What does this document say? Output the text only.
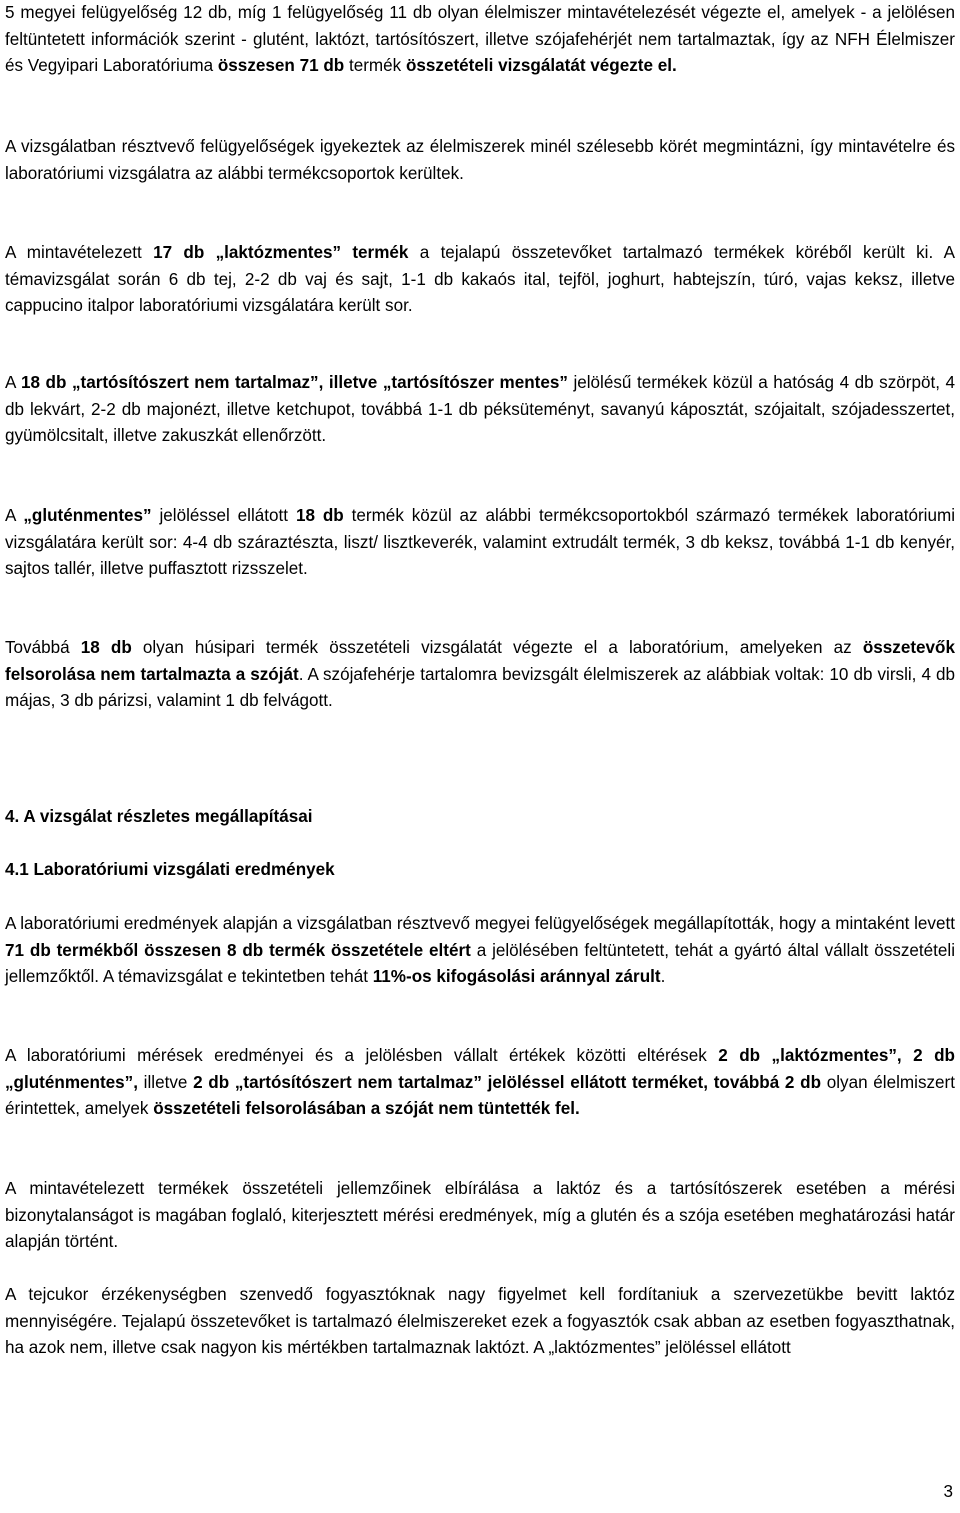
5 megyei felügyelőség 12 db, míg 1 felügyelőség 11 db olyan élelmiszer mintavételezését végezte el, amelyek - a jelölésen feltüntetett információk szerint - glutént, laktózt, tartósítószert, illetve szójafehérjét nem tartalmaztak, így az NFH Élelmiszer és Vegyipari Laboratóriuma összesen 71 db termék összetételi vizsgálatát végezte el.

A vizsgálatban résztvevő felügyelőségek igyekeztek az élelmiszerek minél szélesebb körét megmintázni, így mintavételre és laboratóriumi vizsgálatra az alábbi termékcsoportok kerültek.

A mintavételezett 17 db „laktózmentes” termék a tejalapú összetevőket tartalmazó termékek köréből került ki. A témavizsgálat során 6 db tej, 2-2 db vaj és sajt, 1-1 db kakaós ital, tejföl, joghurt, habtejszín, túró, vajas keksz, illetve cappucino italpor laboratóriumi vizsgálatára került sor.

A 18 db „tartósítószert nem tartalmaz”, illetve „tartósítószer mentes” jelölésű termékek közül a hatóság 4 db szörpöt, 4 db lekvárt, 2-2 db majonézt, illetve ketchupot, továbbá 1-1 db péksüteményt, savanyú káposztát, szójaitalt, szójadesszertet, gyümölcsitalt, illetve zakuszkát ellenőrzött.

A „gluténmentes” jelöléssel ellátott 18 db termék közül az alábbi termékcsoportokból származó termékek laboratóriumi vizsgálatára került sor: 4-4 db száraztészta, liszt/ lisztkeverék, valamint extrudált termék, 3 db keksz, továbbá 1-1 db kenyér, sajtos tallér, illetve puffasztott rizsszelet.

Továbbá 18 db olyan húsipari termék összetételi vizsgálatát végezte el a laboratórium, amelyeken az összetevők felsorolása nem tartalmazta a szóját. A szójafehérje tartalomra bevizsgált élelmiszerek az alábbiak voltak: 10 db virsli, 4 db májas, 3 db párizsi, valamint 1 db felvágott.

4. A vizsgálat részletes megállapításai
4.1 Laboratóriumi vizsgálati eredmények

A laboratóriumi eredmények alapján a vizsgálatban résztvevő megyei felügyelőségek megállapították, hogy a mintaként levett 71 db termékből összesen 8 db termék összetétele eltért a jelölésében feltüntetett, tehát a gyártó által vállalt összetételi jellemzőktől. A témavizsgálat e tekintetben tehát 11%-os kifogásolási aránnyal zárult.

A laboratóriumi mérések eredményei és a jelölésben vállalt értékek közötti eltérések 2 db „laktózmentes”, 2 db „gluténmentes”, illetve 2 db „tartósítószert nem tartalmaz” jelöléssel ellátott terméket, továbbá 2 db olyan élelmiszert érintettek, amelyek összetételi felsorolásában a szóját nem tüntették fel.

A mintavételezett termékek összetételi jellemzőinek elbírálása a laktóz és a tartósítószerek esetében a mérési bizonytalanságot is magában foglaló, kiterjesztett mérési eredmények, míg a glutén és a szója esetében meghatározási határ alapján történt.

A tejcukor érzékenységben szenvedő fogyasztóknak nagy figyelmet kell fordítaniuk a szervezetükbe bevitt laktóz mennyiségére. Tejalapú összetevőket is tartalmazó élelmiszereket ezek a fogyasztók csak abban az esetben fogyaszthatnak, ha azok nem, illetve csak nagyon kis mértékben tartalmaznak laktózt. A „laktózmentes” jelöléssel ellátott

3
